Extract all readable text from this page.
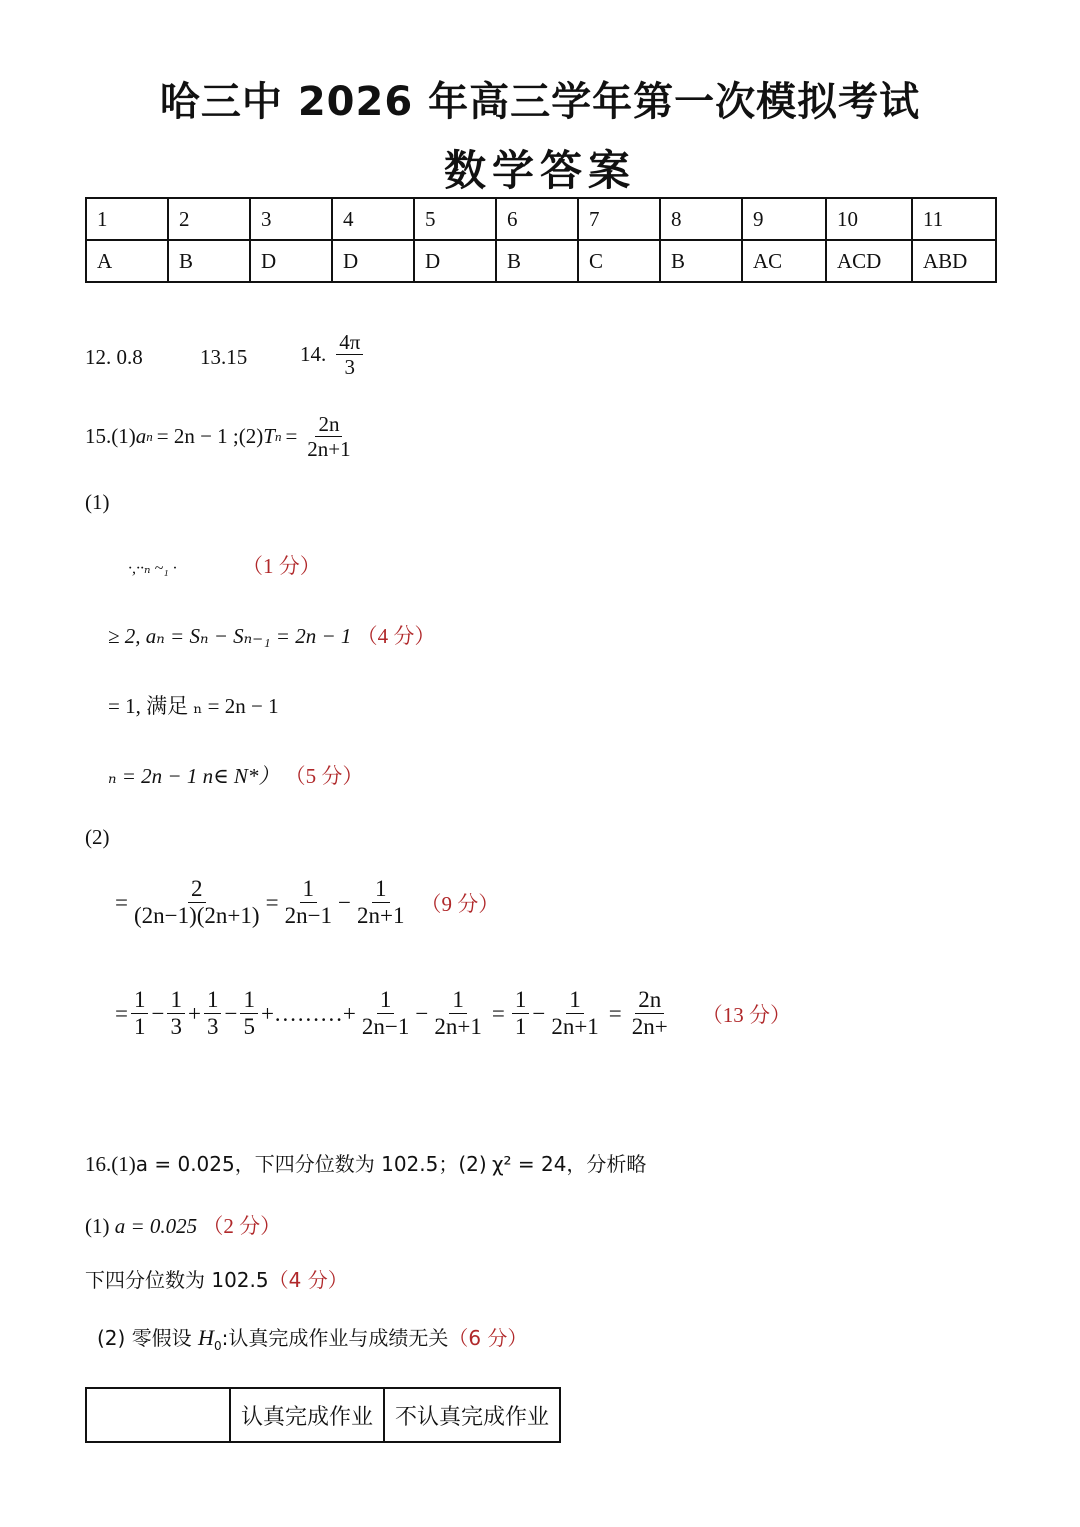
哈三中 2026 年高三学年第一次模拟考试
数学答案
1	2	3	4	5	6	7	8	9	10	11
A	B	D	D	D	B	C	B	AC	ACD	ABD
12. 0.8	13.15	14. $\frac{4\pi}{3}$
15.(1) a n = 2n − 1 ;(2) T $n = \frac{2n}{2n+1}$
(1)
·,··ₙ ~₁ ·	（1 分）
≥ 2, aₙ = Sₙ − Sₙ₋₁ = 2n − 1 （4 分）
= 1, 满足 ₙ = 2n − 1
ₙ = 2n − 1 n∈ N*） （5 分）
(2)
= $\frac{2}{(2n-1)(2n+1)} = \frac{1}{2n-1} - \frac{1}{2n+1} (9$ 分）
= $\frac{1}{1} - \frac{1}{3} + \frac{1}{3} - \frac{1}{5}$ +………+ $\frac{1}{2n-1} - \frac{1}{2n+1} = \frac{1}{1} - \frac{1}{2n+1} = \frac{2n}{2n+} (13$ 分）
16.(1)a = 0.025，下四分位数为 102.5；(2) χ² = 24，分析略
(1) a = 0.025 （2 分）
下四分位数为 102.5（4 分）
(2) 零假设 $H_0$:认真完成作业与成绩无关（6 分）
	认真完成作业	不认真完成作业
